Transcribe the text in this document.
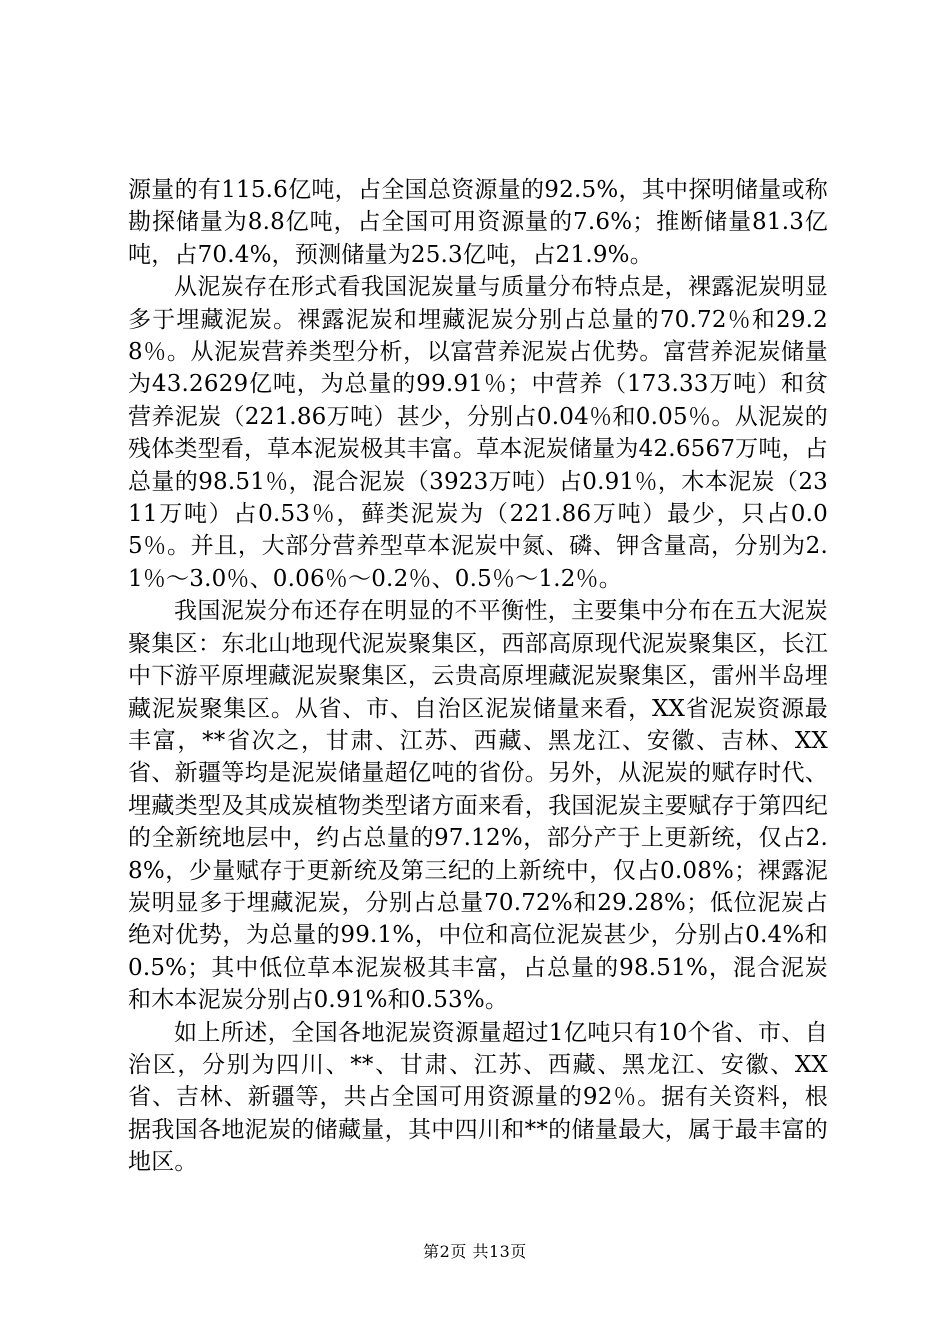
源量的有115.6亿吨，占全国总资源量的92.5%，其中探明储量或称勘探储量为8.8亿吨，占全国可用资源量的7.6%；推断储量81.3亿吨，占70.4%，预测储量为25.3亿吨，占21.9%。

从泥炭存在形式看我国泥炭量与质量分布特点是，裸露泥炭明显多于埋藏泥炭。裸露泥炭和埋藏泥炭分别占总量的70.72％和29.28％。从泥炭营养类型分析，以富营养泥炭占优势。富营养泥炭储量为43.2629亿吨，为总量的99.91％；中营养（173.33万吨）和贫营养泥炭（221.86万吨）甚少，分别占0.04％和0.05％。从泥炭的残体类型看，草本泥炭极其丰富。草本泥炭储量为42.6567万吨，占总量的98.51％，混合泥炭（3923万吨）占0.91％，木本泥炭（2311万吨）占0.53％，藓类泥炭为（221.86万吨）最少，只占0.05％。并且，大部分营养型草本泥炭中氮、磷、钾含量高，分别为2.1％～3.0％、0.06％～0.2％、0.5％～1.2％。

我国泥炭分布还存在明显的不平衡性，主要集中分布在五大泥炭聚集区：东北山地现代泥炭聚集区，西部高原现代泥炭聚集区，长江中下游平原埋藏泥炭聚集区，云贵高原埋藏泥炭聚集区，雷州半岛埋藏泥炭聚集区。从省、市、自治区泥炭储量来看，XX省泥炭资源最丰富，**省次之，甘肃、江苏、西藏、黑龙江、安徽、吉林、XX省、新疆等均是泥炭储量超亿吨的省份。另外，从泥炭的赋存时代、埋藏类型及其成炭植物类型诸方面来看，我国泥炭主要赋存于第四纪的全新统地层中，约占总量的97.12%，部分产于上更新统，仅占2.8%，少量赋存于更新统及第三纪的上新统中，仅占0.08%；裸露泥炭明显多于埋藏泥炭，分别占总量70.72%和29.28%；低位泥炭占绝对优势，为总量的99.1%，中位和高位泥炭甚少，分别占0.4%和0.5%；其中低位草本泥炭极其丰富，占总量的98.51%，混合泥炭和木本泥炭分别占0.91%和0.53%。

如上所述，全国各地泥炭资源量超过1亿吨只有10个省、市、自治区，分别为四川、**、甘肃、江苏、西藏、黑龙江、安徽、XX省、吉林、新疆等，共占全国可用资源量的92％。据有关资料，根据我国各地泥炭的储藏量，其中四川和**的储量最大，属于最丰富的地区。

第2页 共13页
